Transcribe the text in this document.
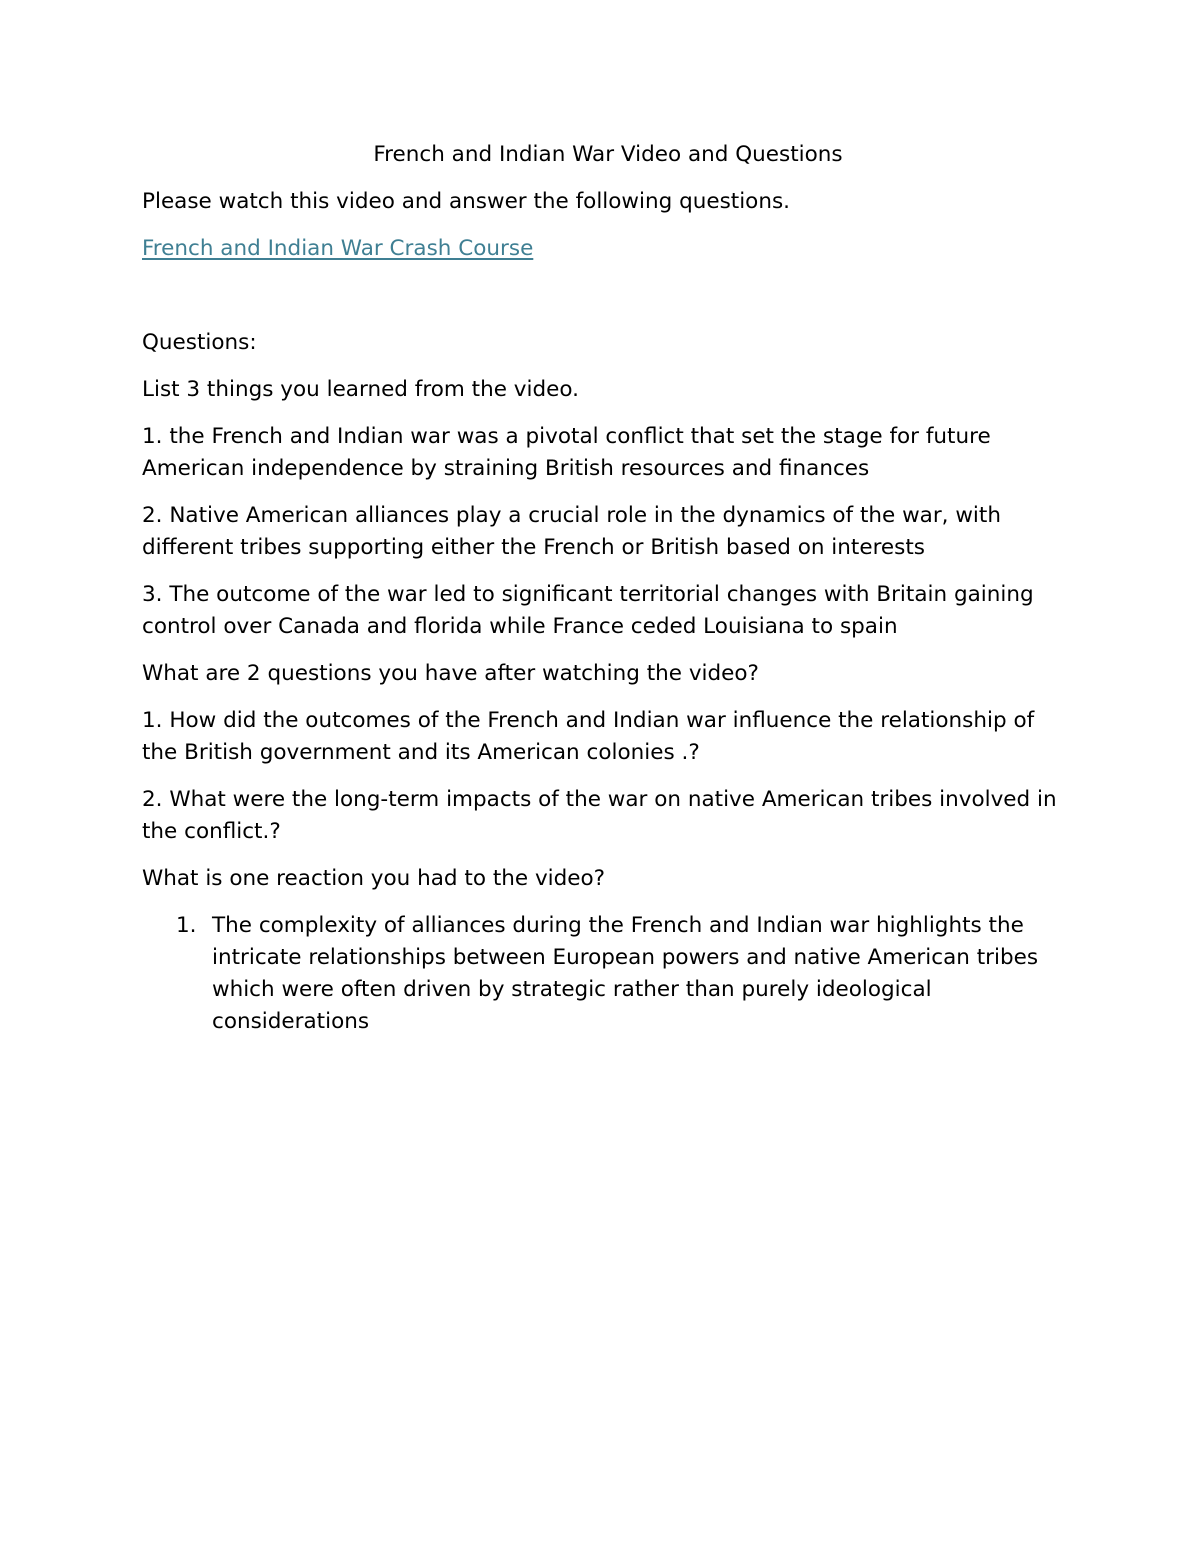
French and Indian War Video and Questions

Please watch this video and answer the following questions.

French and Indian War Crash Course

Questions:

List 3 things you learned from the video.

1. the French and Indian war was a pivotal conflict that set the stage for future American independence by straining British resources and finances

2. Native American alliances play a crucial role in the dynamics of the war, with different tribes supporting either the French or British based on interests

3. The outcome of the war led to significant territorial changes with Britain gaining control over Canada and florida while France ceded Louisiana to spain

What are 2 questions you have after watching the video?

1. How did the outcomes of the French and Indian war influence the relationship of the British government and its American colonies .?

2. What were the long-term impacts of the war on native American tribes involved in the conflict.?

What is one reaction you had to the video?

1. The complexity of alliances during the French and Indian war highlights the intricate relationships between European powers and native American tribes which were often driven by strategic rather than purely ideological considerations
